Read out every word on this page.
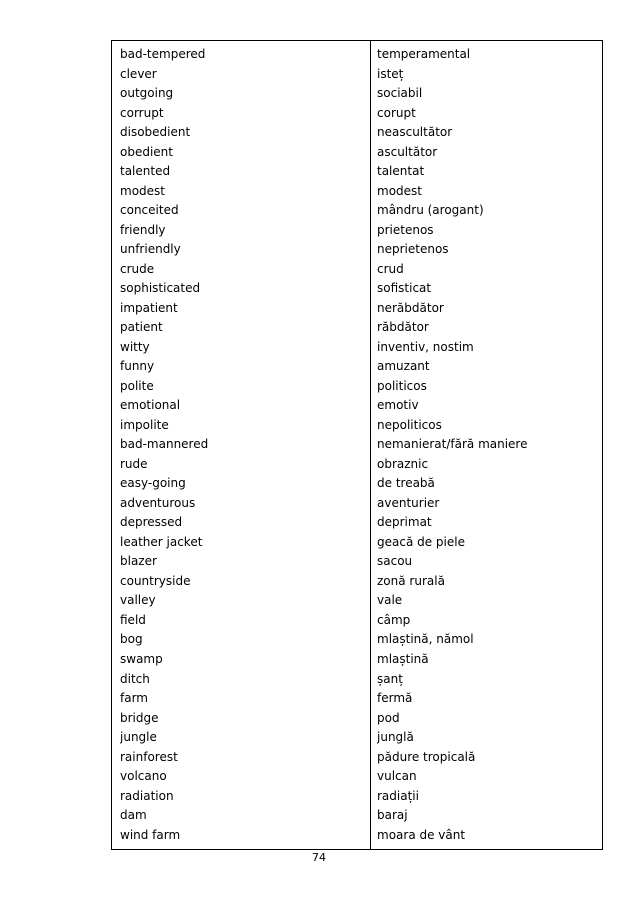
bad-tempered
clever
outgoing
corrupt
disobedient
obedient
talented
modest
conceited
friendly
unfriendly
crude
sophisticated
impatient
patient
witty
funny
polite
emotional
impolite
bad-mannered
rude
easy-going
adventurous
depressed
leather jacket
blazer
countryside
valley
field
bog
swamp
ditch
farm
bridge
jungle
rainforest
volcano
radiation
dam
wind farm
temperamental
isteț
sociabil
corupt
neascultător
ascultător
talentat
modest
mândru (arogant)
prietenos
neprietenos
crud
sofisticat
nerăbdător
răbdător
inventiv, nostim
amuzant
politicos
emotiv
nepoliticos
nemanierat/fără maniere
obraznic
de treabă
aventurier
deprimat
geacă de piele
sacou
zonă rurală
vale
câmp
mlaștină, nămol
mlaștină
șanț
fermă
pod
junglă
pădure tropicală
vulcan
radiații
baraj
moara de vânt
74
